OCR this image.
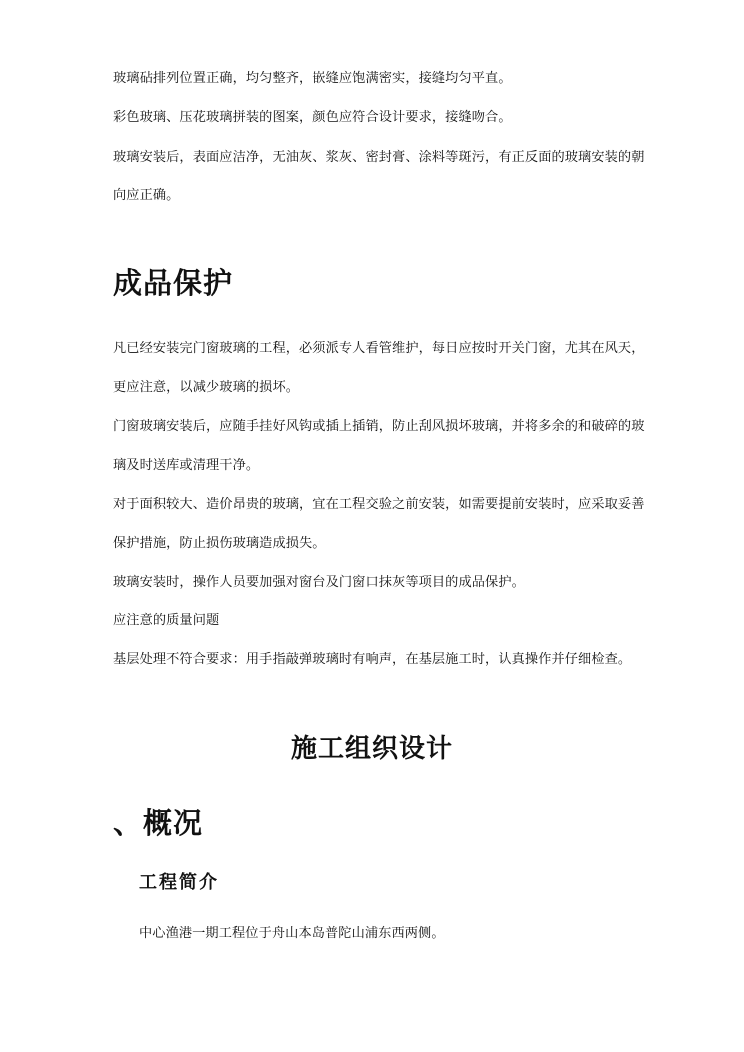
玻璃砧排列位置正确，均匀整齐，嵌缝应饱满密实，接缝均匀平直。
彩色玻璃、压花玻璃拼装的图案，颜色应符合设计要求，接缝吻合。
玻璃安装后，表面应洁净，无油灰、浆灰、密封膏、涂料等斑污，有正反面的玻璃安装的朝
向应正确。
成品保护
凡已经安装完门窗玻璃的工程，必须派专人看管维护，每日应按时开关门窗，尤其在风天，
更应注意，以减少玻璃的损坏。
门窗玻璃安装后，应随手挂好风钩或插上插销，防止刮风损坏玻璃，并将多余的和破碎的玻
璃及时送库或清理干净。
对于面积较大、造价昂贵的玻璃，宜在工程交验之前安装，如需要提前安装时，应采取妥善
保护措施，防止损伤玻璃造成损失。
玻璃安装时，操作人员要加强对窗台及门窗口抹灰等项目的成品保护。
应注意的质量问题
基层处理不符合要求：用手指敲弹玻璃时有响声，在基层施工时，认真操作并仔细检查。
施工组织设计
、概况
工程简介
中心渔港一期工程位于舟山本岛普陀山浦东西两侧。
